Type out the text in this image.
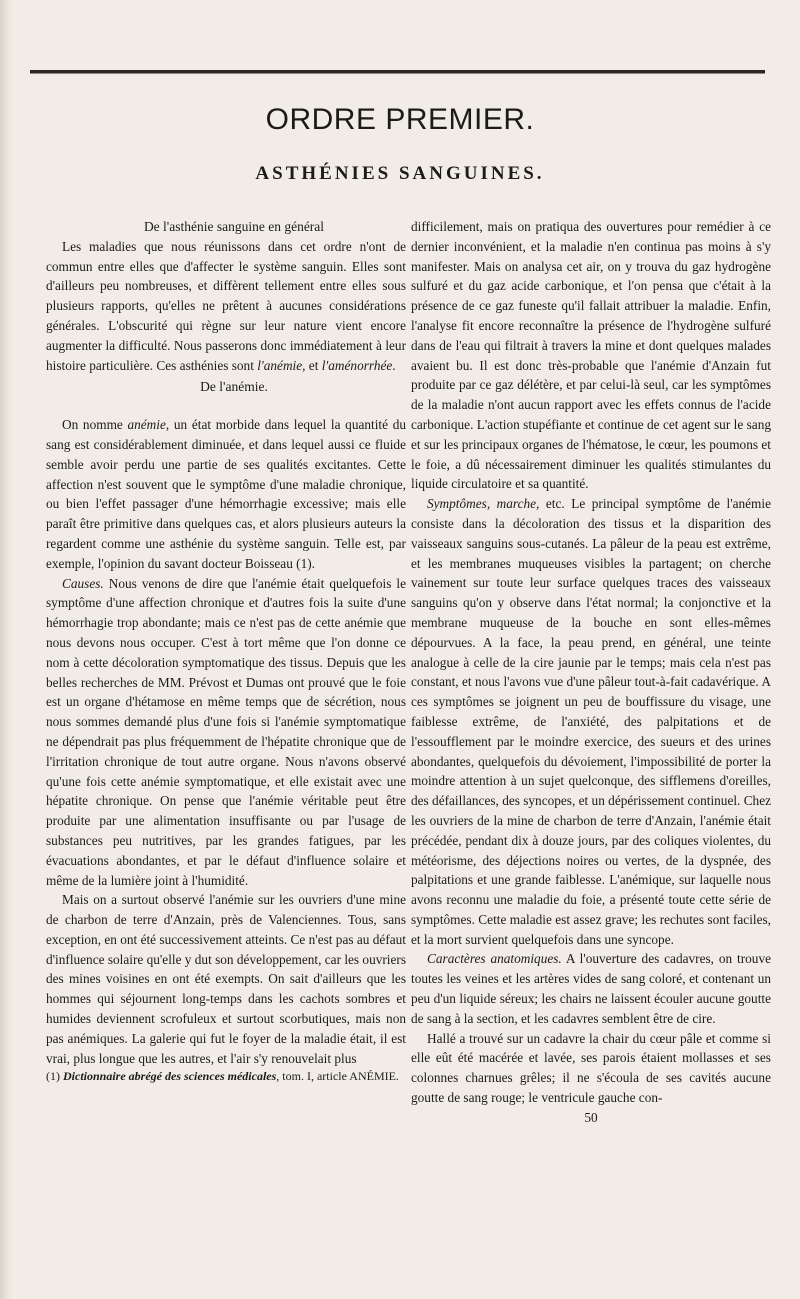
ORDRE PREMIER.
ASTHÉNIES SANGUINES.

De l'asthénie sanguine en général

Les maladies que nous réunissons dans cet ordre n'ont de commun entre elles que d'affecter le système sanguin. Elles sont d'ailleurs peu nombreuses, et diffèrent tellement entre elles sous plusieurs rapports, qu'elles ne prêtent à aucunes considérations générales. L'obscurité qui règne sur leur nature vient encore augmenter la difficulté. Nous passerons donc immédiatement à leur histoire particulière. Ces asthénies sont l'anémie, et l'aménorrhée.

De l'anémie.

On nomme anémie, un état morbide dans lequel la quantité du sang est considérablement diminuée, et dans lequel aussi ce fluide semble avoir perdu une partie de ses qualités excitantes. Cette affection n'est souvent que le symptôme d'une maladie chronique, ou bien l'effet passager d'une hémorrhagie excessive; mais elle paraît être primitive dans quelques cas, et alors plusieurs auteurs la regardent comme une asthénie du système sanguin. Telle est, par exemple, l'opinion du savant docteur Boisseau (1).

Causes. Nous venons de dire que l'anémie était quelquefois le symptôme d'une affection chronique et d'autres fois la suite d'une hémorrhagie trop abondante; mais ce n'est pas de cette anémie que nous devons nous occuper. C'est à tort même que l'on donne ce nom à cette décoloration symptomatique des tissus. Depuis que les belles recherches de MM. Prévost et Dumas ont prouvé que le foie est un organe d'hétamose en même temps que de sécrétion, nous nous sommes demandé plus d'une fois si l'anémie symptomatique ne dépendrait pas plus fréquemment de l'hépatite chronique que de l'irritation chronique de tout autre organe. Nous n'avons observé qu'une fois cette anémie symptomatique, et elle existait avec une hépatite chronique. On pense que l'anémie véritable peut être produite par une alimentation insuffisante ou par l'usage de substances peu nutritives, par les grandes fatigues, par les évacuations abondantes, et par le défaut d'influence solaire et même de la lumière joint à l'humidité.

Mais on a surtout observé l'anémie sur les ouvriers d'une mine de charbon de terre d'Anzain, près de Valenciennes. Tous, sans exception, en ont été successivement atteints. Ce n'est pas au défaut d'influence solaire qu'elle y dut son développement, car les ouvriers des mines voisines en ont été exempts. On sait d'ailleurs que les hommes qui séjournent long-temps dans les cachots sombres et humides deviennent scrofuleux et surtout scorbutiques, mais non pas anémiques. La galerie qui fut le foyer de la maladie était, il est vrai, plus longue que les autres, et l'air s'y renouvelait plus

(1) Dictionnaire abrégé des sciences médicales, tom. I, article ANÉMIE.

difficilement, mais on pratiqua des ouvertures pour remédier à ce dernier inconvénient, et la maladie n'en continua pas moins à s'y manifester. Mais on analysa cet air, on y trouva du gaz hydrogène sulfuré et du gaz acide carbonique, et l'on pensa que c'était à la présence de ce gaz funeste qu'il fallait attribuer la maladie. Enfin, l'analyse fit encore reconnaître la présence de l'hydrogène sulfuré dans de l'eau qui filtrait à travers la mine et dont quelques malades avaient bu. Il est donc très-probable que l'anémie d'Anzain fut produite par ce gaz délétère, et par celui-là seul, car les symptômes de la maladie n'ont aucun rapport avec les effets connus de l'acide carbonique. L'action stupéfiante et continue de cet agent sur le sang et sur les principaux organes de l'hématose, le cœur, les poumons et le foie, a dû nécessairement diminuer les qualités stimulantes du liquide circulatoire et sa quantité.

Symptômes, marche, etc. Le principal symptôme de l'anémie consiste dans la décoloration des tissus et la disparition des vaisseaux sanguins sous-cutanés. La pâleur de la peau est extrême, et les membranes muqueuses visibles la partagent; on cherche vainement sur toute leur surface quelques traces des vaisseaux sanguins qu'on y observe dans l'état normal; la conjonctive et la membrane muqueuse de la bouche en sont elles-mêmes dépourvues. A la face, la peau prend, en général, une teinte analogue à celle de la cire jaunie par le temps; mais cela n'est pas constant, et nous l'avons vue d'une pâleur tout-à-fait cadavérique. A ces symptômes se joignent un peu de bouffissure du visage, une faiblesse extrême, de l'anxiété, des palpitations et de l'essoufflement par le moindre exercice, des sueurs et des urines abondantes, quelquefois du dévoiement, l'impossibilité de porter la moindre attention à un sujet quelconque, des sifflemens d'oreilles, des défaillances, des syncopes, et un dépérissement continuel. Chez les ouvriers de la mine de charbon de terre d'Anzain, l'anémie était précédée, pendant dix à douze jours, par des coliques violentes, du météorisme, des déjections noires ou vertes, de la dyspnée, des palpitations et une grande faiblesse. L'anémique, sur laquelle nous avons reconnu une maladie du foie, a présenté toute cette série de symptômes. Cette maladie est assez grave; les rechutes sont faciles, et la mort survient quelquefois dans une syncope.

Caractères anatomiques. A l'ouverture des cadavres, on trouve toutes les veines et les artères vides de sang coloré, et contenant un peu d'un liquide séreux; les chairs ne laissent écouler aucune goutte de sang à la section, et les cadavres semblent être de cire.

Hallé a trouvé sur un cadavre la chair du cœur pâle et comme si elle eût été macérée et lavée, ses parois étaient mollasses et ses colonnes charnues grêles; il ne s'écoula de ses cavités aucune goutte de sang rouge; le ventricule gauche con-

50
